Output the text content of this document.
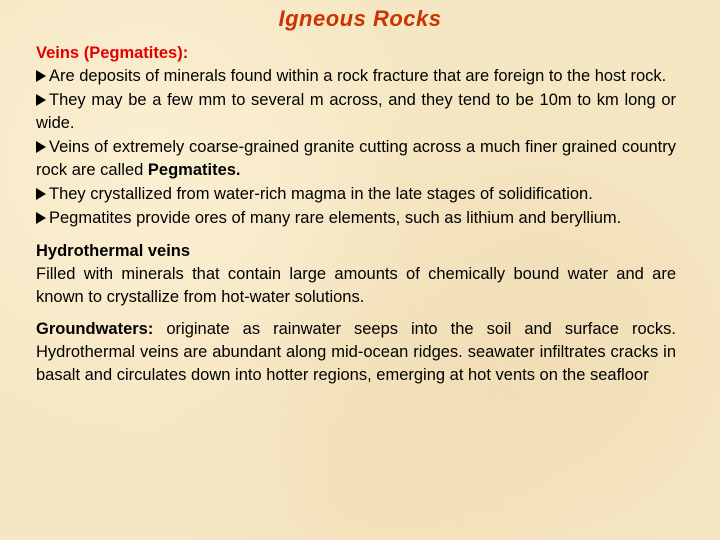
Igneous Rocks

Veins (Pegmatites):

Are deposits of minerals found within a rock fracture that are foreign to the host rock.

They may be a few mm to several m across, and they tend to be 10m to km long or wide.

Veins of extremely coarse-grained granite cutting across a much finer grained country rock are called Pegmatites.

They crystallized from water-rich magma in the late stages of solidification.

Pegmatites provide ores of many rare elements, such as lithium and beryllium.

Hydrothermal veins

Filled with minerals that contain large amounts of chemically bound water and are known to crystallize from hot-water solutions.

Groundwaters: originate as rainwater seeps into the soil and surface rocks. Hydrothermal veins are abundant along mid-ocean ridges. seawater infiltrates cracks in basalt and circulates down into hotter regions, emerging at hot vents on the seafloor
